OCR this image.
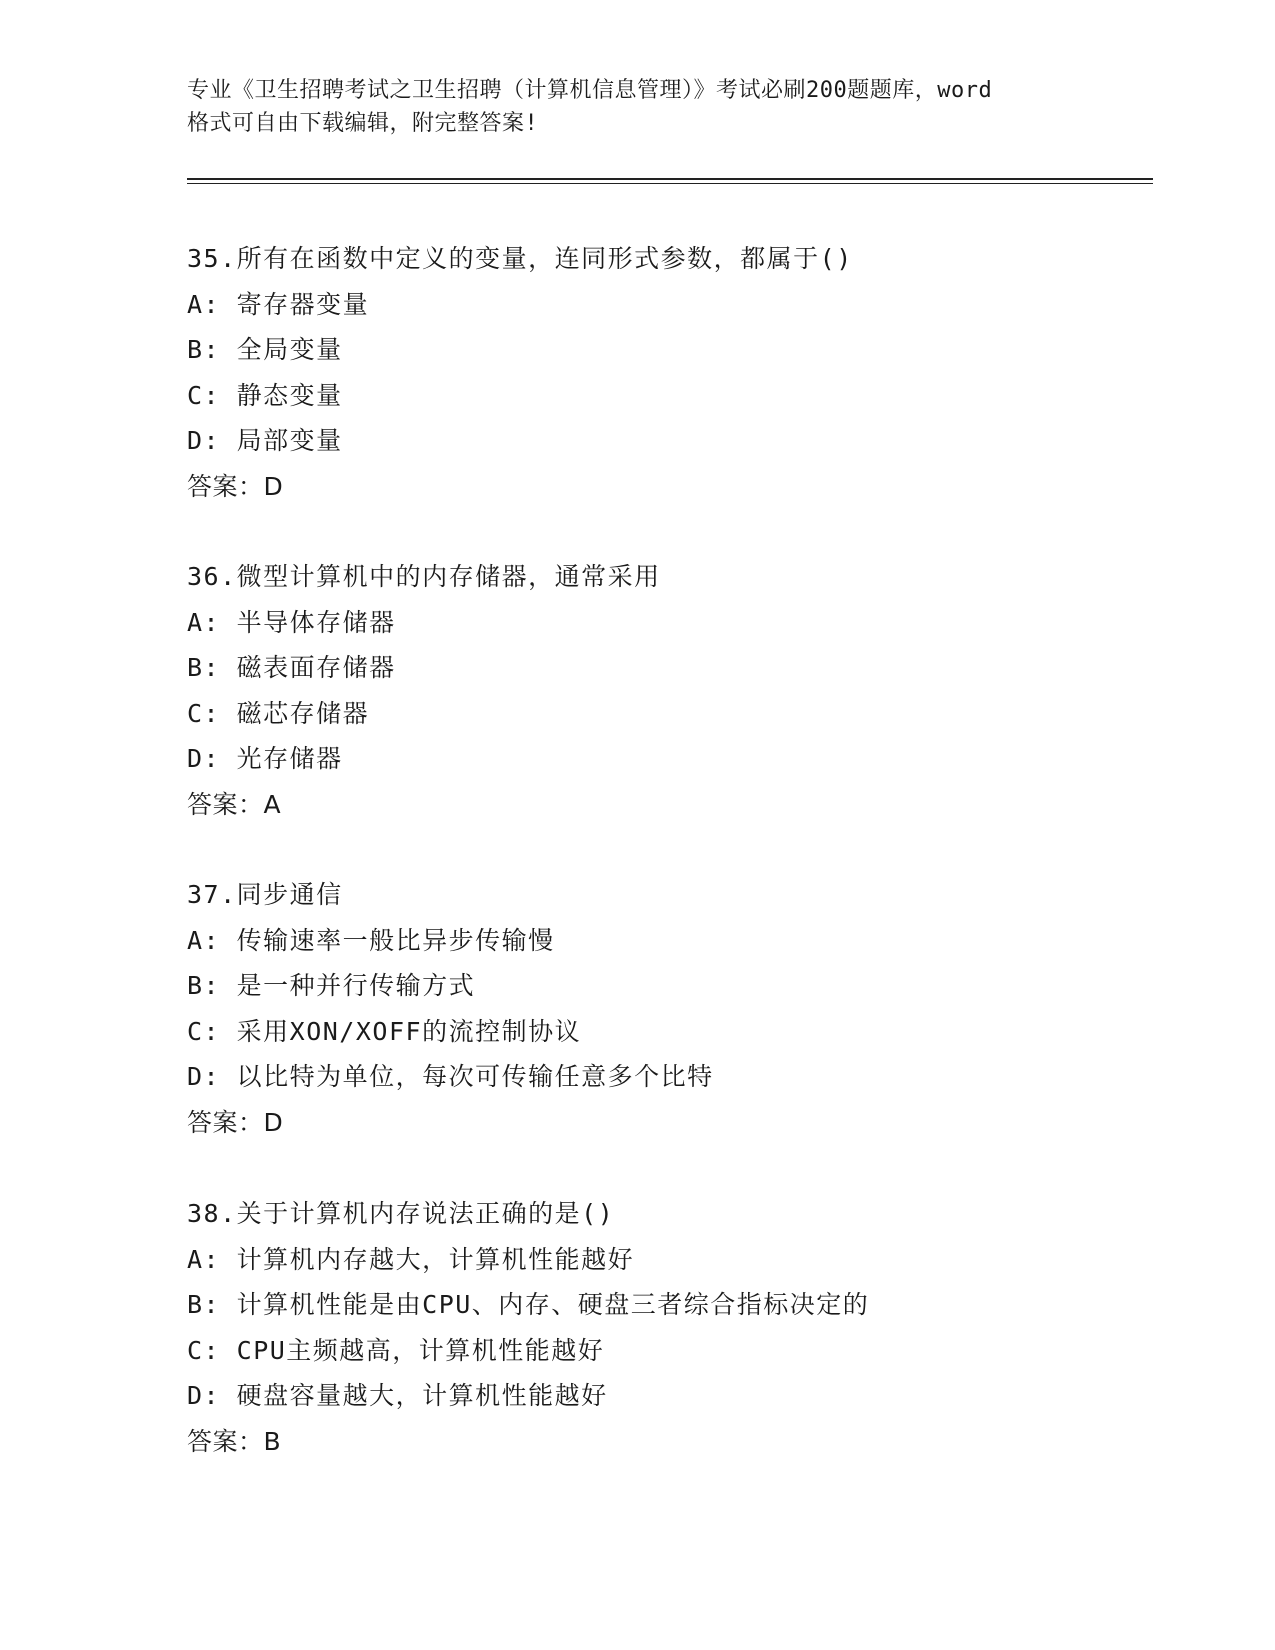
专业《卫生招聘考试之卫生招聘（计算机信息管理）》考试必刷200题题库，word
格式可自由下载编辑，附完整答案!
35.所有在函数中定义的变量，连同形式参数，都属于()
A: 寄存器变量
B: 全局变量
C: 静态变量
D: 局部变量
答案：D
36.微型计算机中的内存储器，通常采用
A: 半导体存储器
B: 磁表面存储器
C: 磁芯存储器
D: 光存储器
答案：A
37.同步通信
A: 传输速率一般比异步传输慢
B: 是一种并行传输方式
C: 采用XON/XOFF的流控制协议
D: 以比特为单位，每次可传输任意多个比特
答案：D
38.关于计算机内存说法正确的是()
A: 计算机内存越大，计算机性能越好
B: 计算机性能是由CPU、内存、硬盘三者综合指标决定的
C: CPU主频越高，计算机性能越好
D: 硬盘容量越大，计算机性能越好
答案：B
